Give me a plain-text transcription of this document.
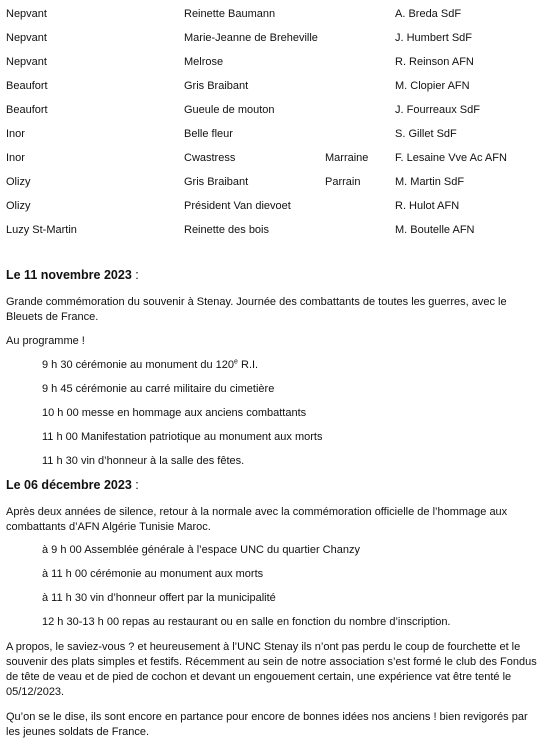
Nepvant	Reinette Baumann		A. Breda SdF
Nepvant	Marie-Jeanne de Breheville		J. Humbert SdF
Nepvant	Melrose		R. Reinson AFN
Beaufort	Gris Braibant		M. Clopier AFN
Beaufort	Gueule de mouton		J. Fourreaux SdF
Inor	Belle fleur		S. Gillet SdF
Inor	Cwastress	Marraine	F. Lesaine Vve Ac AFN
Olizy	Gris Braibant	Parrain	M. Martin SdF
Olizy	Président Van dievoet		R. Hulot AFN
Luzy St-Martin	Reinette des bois		M. Boutelle AFN
Le 11 novembre 2023 :
Grande commémoration du souvenir à Stenay. Journée des combattants de toutes les guerres, avec le Bleuets de France.
Au programme !
9 h 30 cérémonie au monument du 120e R.I.
9 h 45 cérémonie au carré militaire du cimetière
10 h 00 messe en hommage aux anciens combattants
11 h 00 Manifestation patriotique au monument aux morts
11 h 30 vin d’honneur à la salle des fêtes.
Le 06 décembre 2023 :
Après deux années de silence, retour à la normale avec la commémoration officielle de l’hommage aux combattants d’AFN Algérie Tunisie Maroc.
à 9 h 00 Assemblée générale à l’espace UNC du quartier Chanzy
à 11 h 00 cérémonie au monument aux morts
à 11 h 30 vin d’honneur offert par la municipalité
12 h 30-13 h 00 repas au restaurant ou en salle en fonction du nombre d’inscription.
A propos, le saviez-vous ? et heureusement à l’UNC Stenay ils n’ont pas perdu le coup de fourchette et le souvenir des plats simples et festifs. Récemment au sein de notre association s’est formé le club des Fondus de tête de veau et de pied de cochon et devant un engouement certain, une expérience vat être tenté le 05/12/2023.
Qu’on se le dise, ils sont encore en partance pour encore de bonnes idées nos anciens ! bien revigorés par les jeunes soldats de France.
